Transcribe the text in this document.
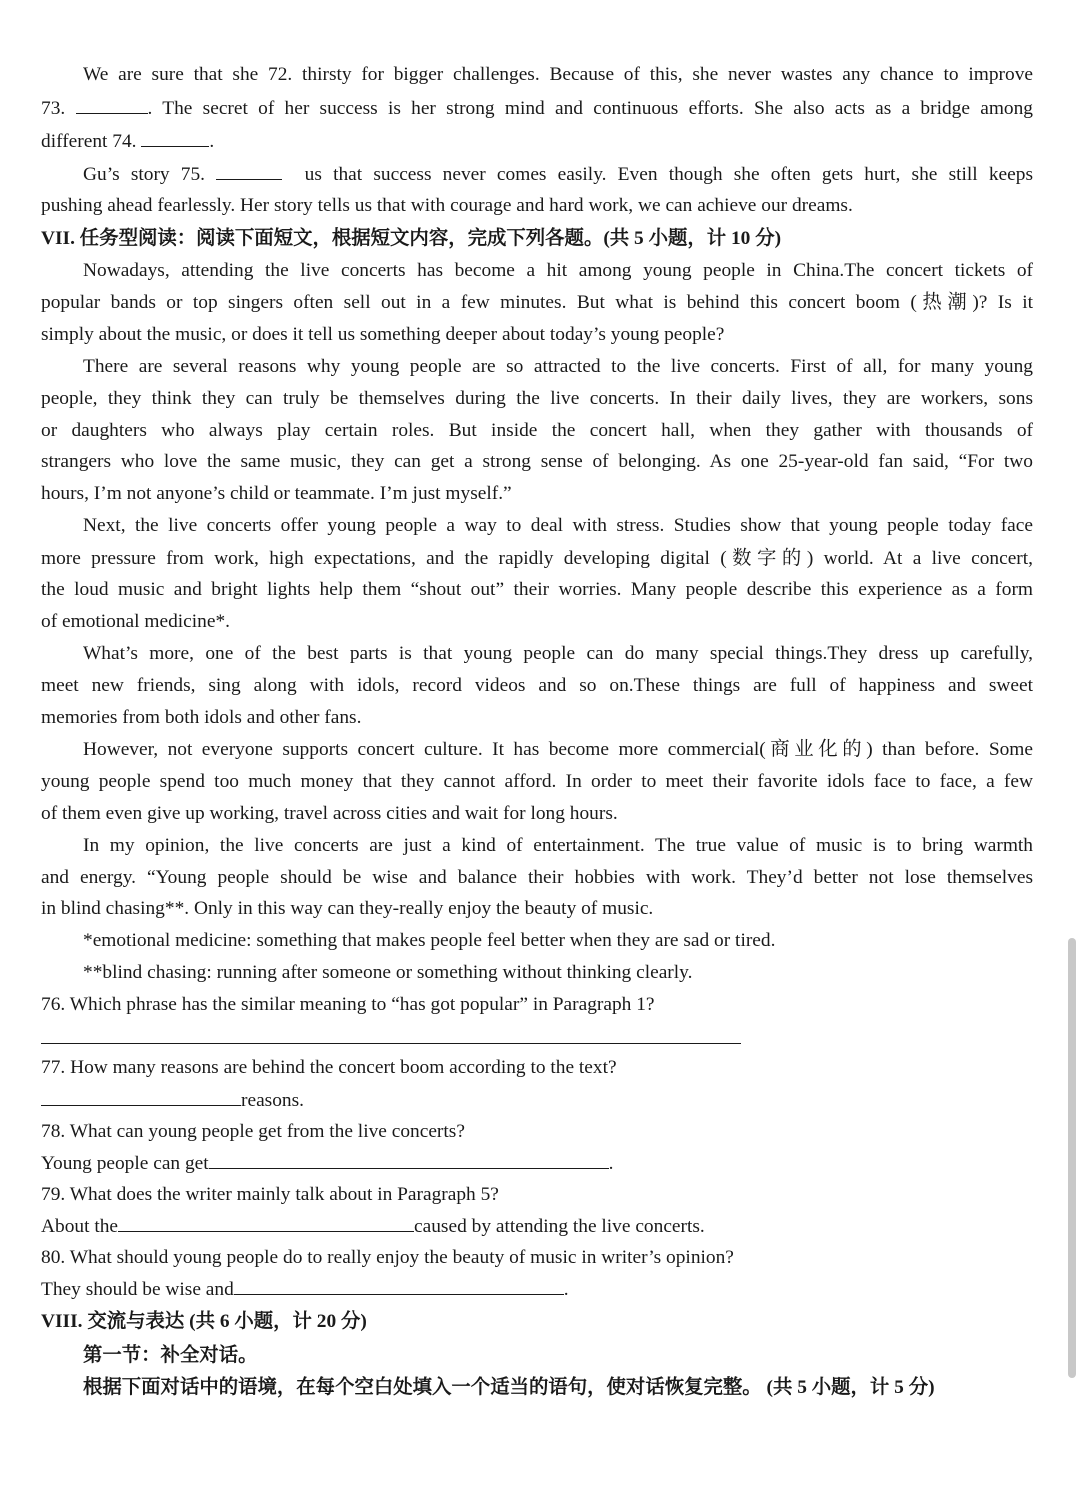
We are sure that she 72. thirsty for bigger challenges. Because of this, she never wastes any chance to improve
73.	. The secret of her success is her strong mind and continuous efforts. She also acts as a bridge among
different 74.	.
Gu’s story 75.	us that success never comes easily. Even though she often gets hurt, she still keeps
pushing ahead fearlessly. Her story tells us that with courage and hard work, we can achieve our dreams.
VII. 任务型阅读：阅读下面短文，根据短文内容，完成下列各题。(共 5 小题，计 10 分)
Nowadays, attending the live concerts has become a hit among young people in China.The concert tickets of
popular bands or top singers often sell out in a few minutes. But what is behind this concert boom (热潮)? Is it
simply about the music, or does it tell us something deeper about today’s young people?
There are several reasons why young people are so attracted to the live concerts. First of all, for many young
people, they think they can truly be themselves during the live concerts. In their daily lives, they are workers, sons
or daughters who always play certain roles. But inside the concert hall, when they gather with thousands of
strangers who love the same music, they can get a strong sense of belonging. As one 25-year-old fan said, “For two
hours, I’m not anyone’s child or teammate. I’m just myself.”
Next, the live concerts offer young people a way to deal with stress. Studies show that young people today face
more pressure from work, high expectations, and the rapidly developing digital (数字的) world. At a live concert,
the loud music and bright lights help them “shout out” their worries. Many people describe this experience as a form
of emotional medicine*.
What’s more, one of the best parts is that young people can do many special things.They dress up carefully,
meet new friends, sing along with idols, record videos and so on.These things are full of happiness and sweet
memories from both idols and other fans.
However, not everyone supports concert culture. It has become more commercial(商业化的) than before. Some
young people spend too much money that they cannot afford. In order to meet their favorite idols face to face, a few
of them even give up working, travel across cities and wait for long hours.
In my opinion, the live concerts are just a kind of entertainment. The true value of music is to bring warmth
and energy. “Young people should be wise and balance their hobbies with work. They’d better not lose themselves
in blind chasing**. Only in this way can they-really enjoy the beauty of music.
*emotional medicine: something that makes people feel better when they are sad or tired.
**blind chasing: running after someone or something without thinking clearly.
76. Which phrase has the similar meaning to “has got popular” in Paragraph 1?
77. How many reasons are behind the concert boom according to the text?
reasons.
78. What can young people get from the live concerts?
Young people can get	.
79. What does the writer mainly talk about in Paragraph 5?
About the	caused by attending the live concerts.
80. What should young people do to really enjoy the beauty of music in writer’s opinion?
They should be wise and	.
VIII. 交流与表达 (共 6 小题，计 20 分)
第一节：补全对话。
根据下面对话中的语境，在每个空白处填入一个适当的语句，使对话恢复完整。 (共 5 小题，计 5 分)
